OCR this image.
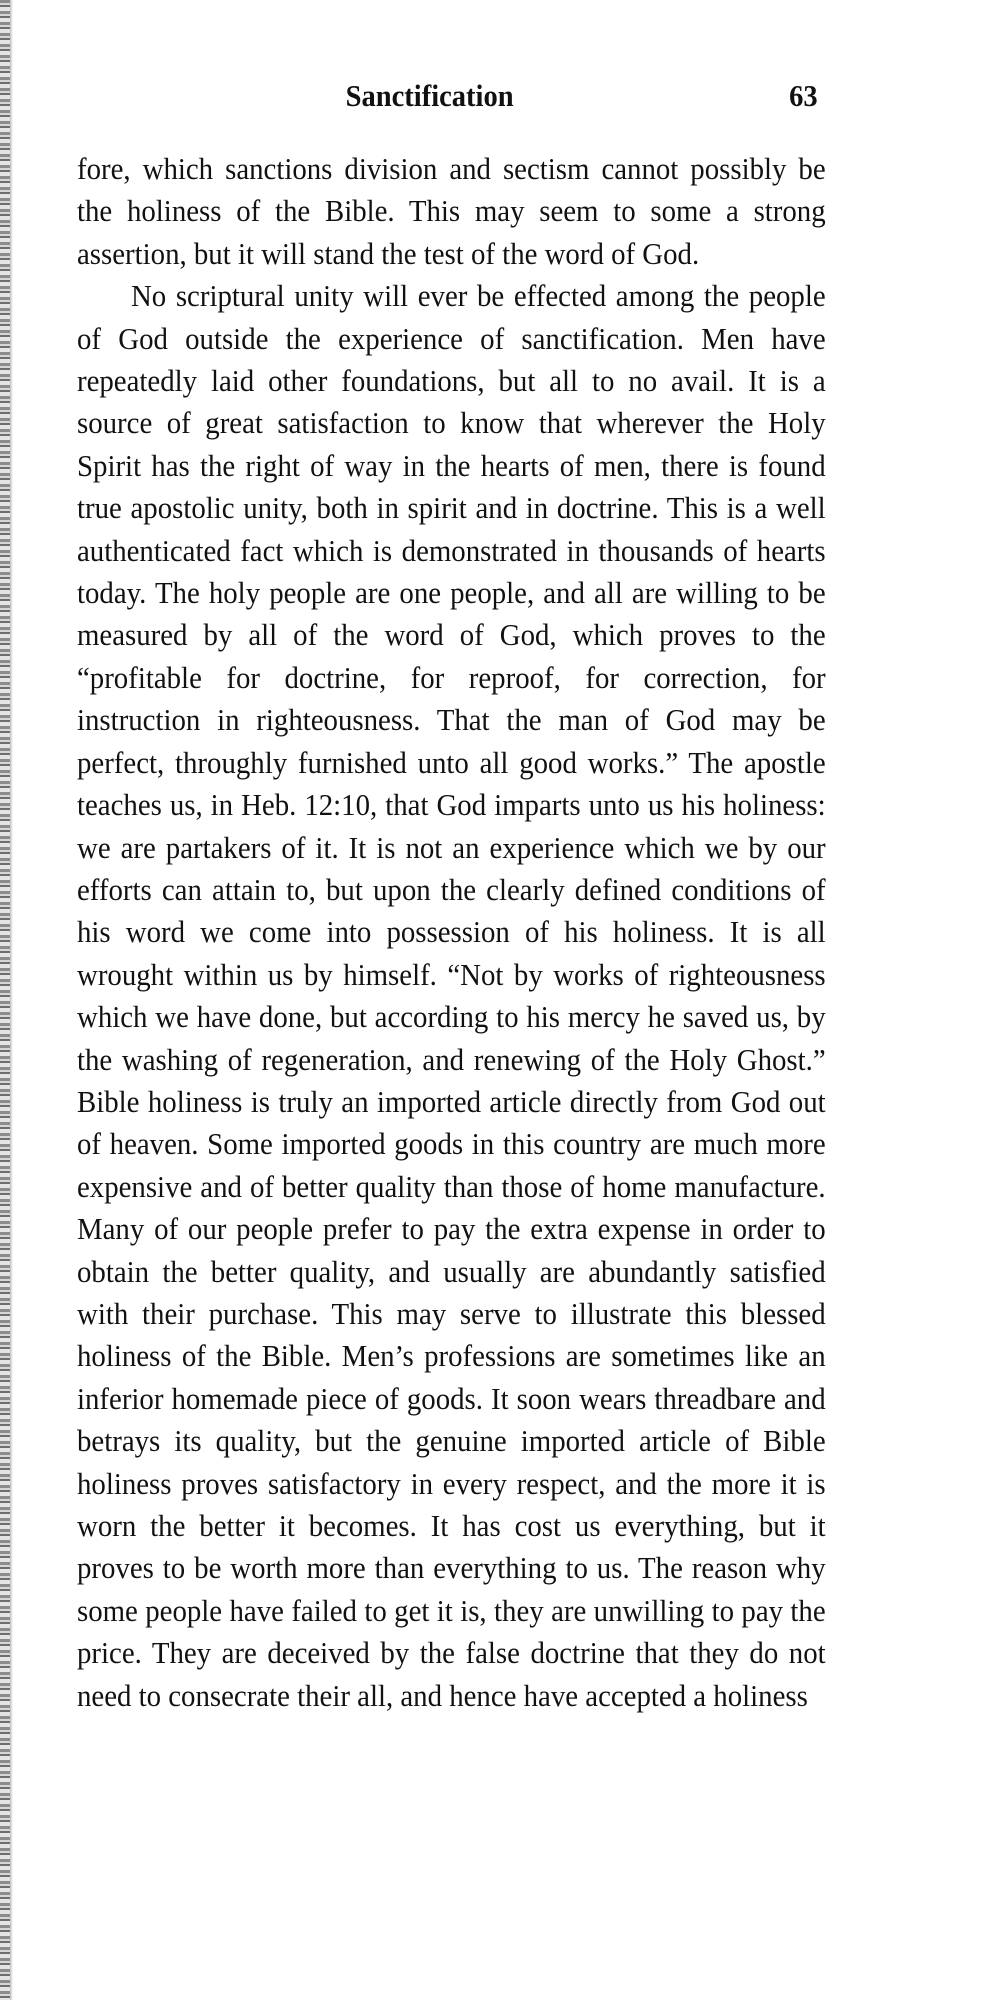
Sanctification	63

fore, which sanctions division and sectism cannot possibly be the holiness of the Bible. This may seem to some a strong assertion, but it will stand the test of the word of God.

No scriptural unity will ever be effected among the people of God outside the experience of sanctification. Men have repeatedly laid other foundations, but all to no avail. It is a source of great satisfaction to know that wherever the Holy Spirit has the right of way in the hearts of men, there is found true apostolic unity, both in spirit and in doctrine. This is a well authenticated fact which is demonstrated in thousands of hearts today. The holy people are one people, and all are willing to be measured by all of the word of God, which proves to the “profitable for doctrine, for reproof, for correction, for instruction in righteousness. That the man of God may be perfect, throughly furnished unto all good works.” The apostle teaches us, in Heb. 12:10, that God imparts unto us his holiness: we are partakers of it. It is not an experience which we by our efforts can attain to, but upon the clearly defined conditions of his word we come into possession of his holiness. It is all wrought within us by himself. “Not by works of righteousness which we have done, but according to his mercy he saved us, by the washing of regeneration, and renewing of the Holy Ghost.” Bible holiness is truly an imported article directly from God out of heaven. Some imported goods in this country are much more expensive and of better quality than those of home manufacture. Many of our people prefer to pay the extra expense in order to obtain the better quality, and usually are abundantly satisfied with their purchase. This may serve to illustrate this blessed holiness of the Bible. Men’s professions are sometimes like an inferior homemade piece of goods. It soon wears threadbare and betrays its quality, but the genuine imported article of Bible holiness proves satisfactory in every respect, and the more it is worn the better it becomes. It has cost us everything, but it proves to be worth more than everything to us. The reason why some people have failed to get it is, they are unwilling to pay the price. They are deceived by the false doctrine that they do not need to consecrate their all, and hence have accepted a holiness
